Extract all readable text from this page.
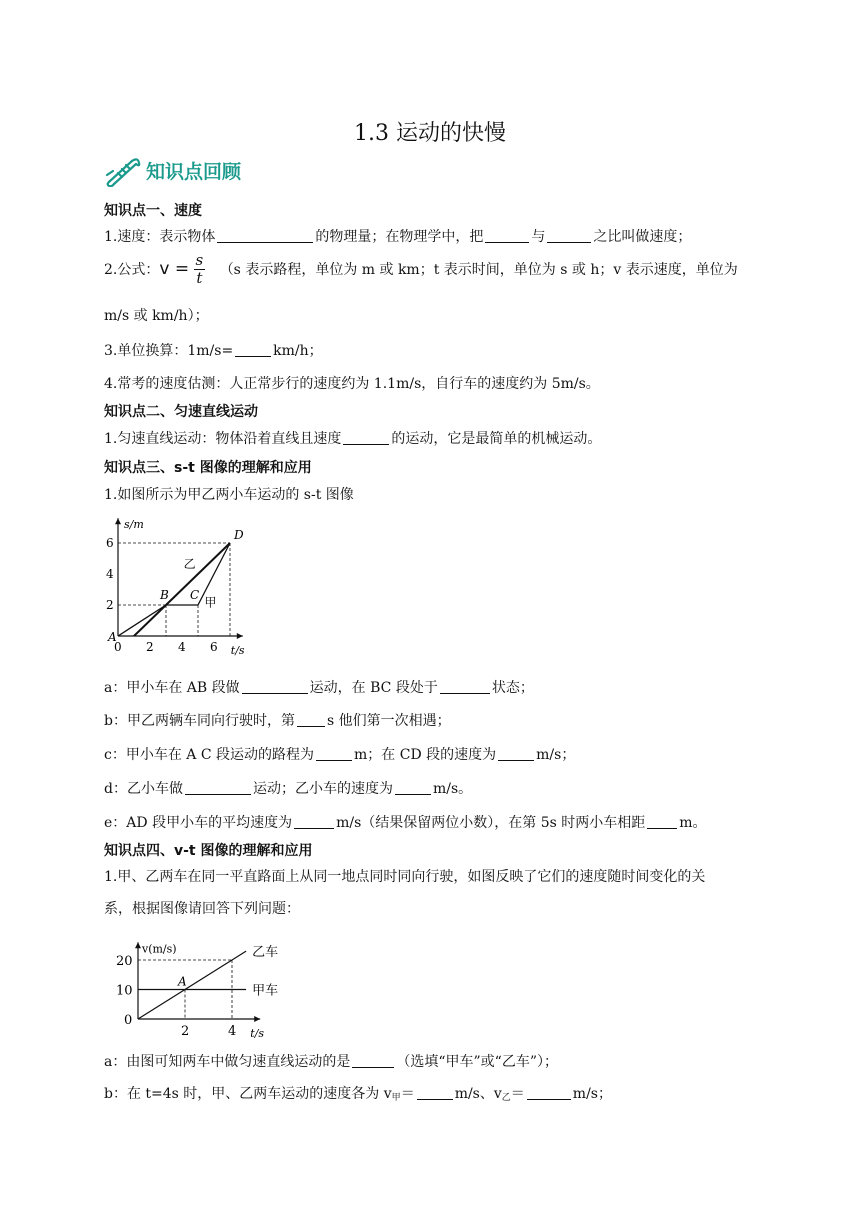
1.3 运动的快慢
知识点回顾
知识点一、速度
1.速度：表示物体	的物理量；在物理学中，把	与	之比叫做速度；
2.公式：$v = \frac{s}{t} (s$ 表示路程，单位为 m 或 km；t 表示时间，单位为 s 或 h；v 表示速度，单位为
m/s 或 km/h）；
3.单位换算：1m/s=	km/h；
4.常考的速度估测：人正常步行的速度约为 1.1m/s，自行车的速度约为 5m/s。
知识点二、匀速直线运动
1.匀速直线运动：物体沿着直线且速度	的运动，它是最简单的机械运动。
知识点三、s-t 图像的理解和应用
1.如图所示为甲乙两小车运动的 s-t 图像
s/m
t/s
0 2 4 6
2
4
6
甲
乙
A
B C
D
a：甲小车在 AB 段做	运动，在 BC 段处于	状态；
b：甲乙两辆车同向行驶时，第 s 他们第一次相遇；
c：甲小车在 A C 段运动的路程为	m；在 CD 段的速度为	m/s；
d：乙小车做	运动；乙小车的速度为	m/s。
e：AD 段甲小车的平均速度为	m/s（结果保留两位小数），在第 5s 时两小车相距 m。
知识点四、v-t 图像的理解和应用
1.甲、乙两车在同一平直路面上从同一地点同时同向行驶，如图反映了它们的速度随时间变化的关
系，根据图像请回答下列问题：
v(m/s)
t/s
0
2	4
10
20
乙车
甲车
A
a：由图可知两车中做匀速直线运动的是	（选填“甲车”或“乙车”）；
b：在 t=4s 时，甲、乙两车运动的速度各为 $v_甲=$	m/s、$v_乙=$	m/s；
